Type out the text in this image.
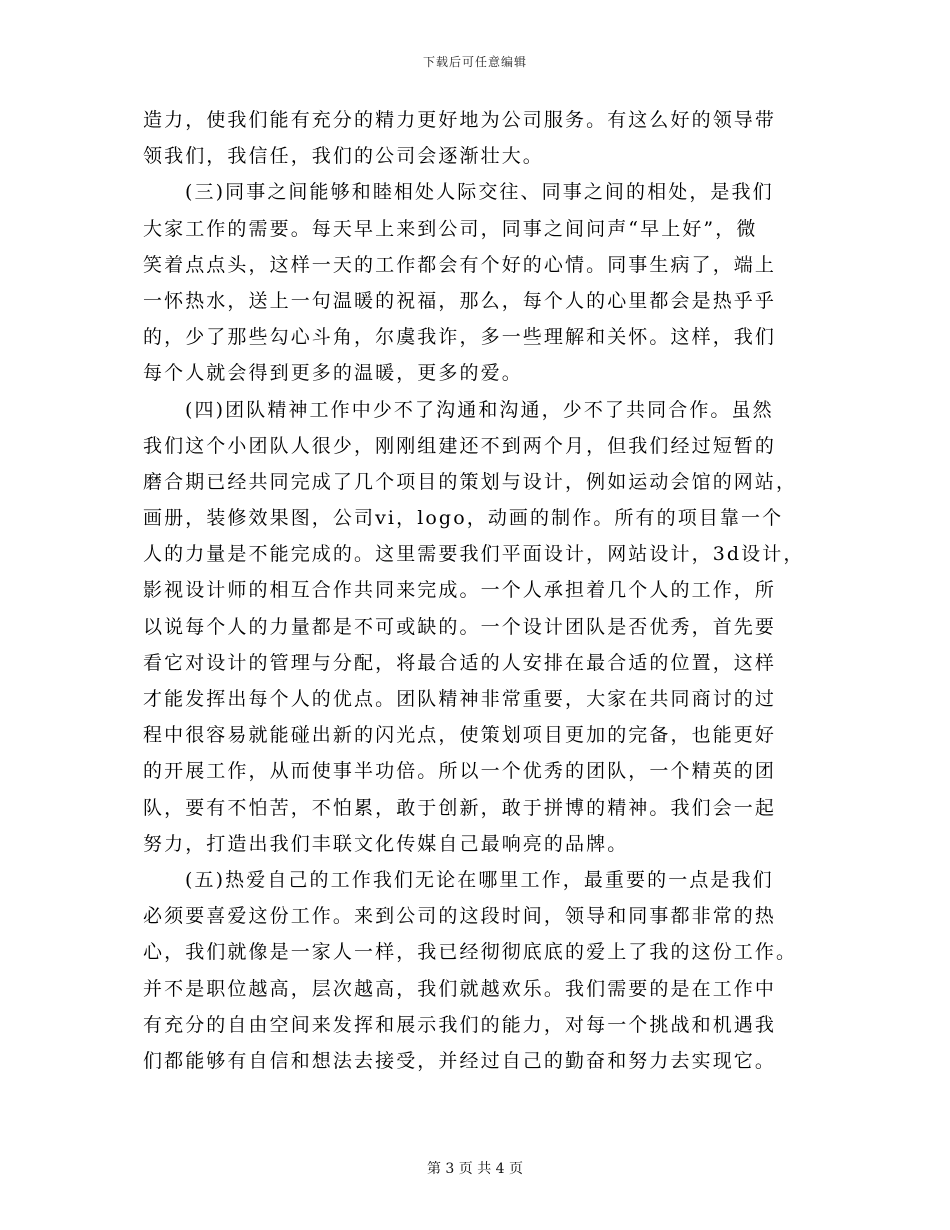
下载后可任意编辑
造力，使我们能有充分的精力更好地为公司服务。有这么好的领导带
领我们，我信任，我们的公司会逐渐壮大。
(三)同事之间能够和睦相处人际交往、同事之间的相处，是我们
大家工作的需要。每天早上来到公司，同事之间问声“早上好”，微
笑着点点头，这样一天的工作都会有个好的心情。同事生病了，端上
一怀热水，送上一句温暖的祝福，那么，每个人的心里都会是热乎乎
的，少了那些勾心斗角，尔虞我诈，多一些理解和关怀。这样，我们
每个人就会得到更多的温暖，更多的爱。
(四)团队精神工作中少不了沟通和沟通，少不了共同合作。虽然
我们这个小团队人很少，刚刚组建还不到两个月，但我们经过短暂的
磨合期已经共同完成了几个项目的策划与设计，例如运动会馆的网站，
画册，装修效果图，公司vi，logo，动画的制作。所有的项目靠一个
人的力量是不能完成的。这里需要我们平面设计，网站设计，3d设计，
影视设计师的相互合作共同来完成。一个人承担着几个人的工作，所
以说每个人的力量都是不可或缺的。一个设计团队是否优秀，首先要
看它对设计的管理与分配，将最合适的人安排在最合适的位置，这样
才能发挥出每个人的优点。团队精神非常重要，大家在共同商讨的过
程中很容易就能碰出新的闪光点，使策划项目更加的完备，也能更好
的开展工作，从而使事半功倍。所以一个优秀的团队，一个精英的团
队，要有不怕苦，不怕累，敢于创新，敢于拼博的精神。我们会一起
努力，打造出我们丰联文化传媒自己最响亮的品牌。
(五)热爱自己的工作我们无论在哪里工作，最重要的一点是我们
必须要喜爱这份工作。来到公司的这段时间，领导和同事都非常的热
心，我们就像是一家人一样，我已经彻彻底底的爱上了我的这份工作。
并不是职位越高，层次越高，我们就越欢乐。我们需要的是在工作中
有充分的自由空间来发挥和展示我们的能力，对每一个挑战和机遇我
们都能够有自信和想法去接受，并经过自己的勤奋和努力去实现它。
第 3 页 共 4 页
